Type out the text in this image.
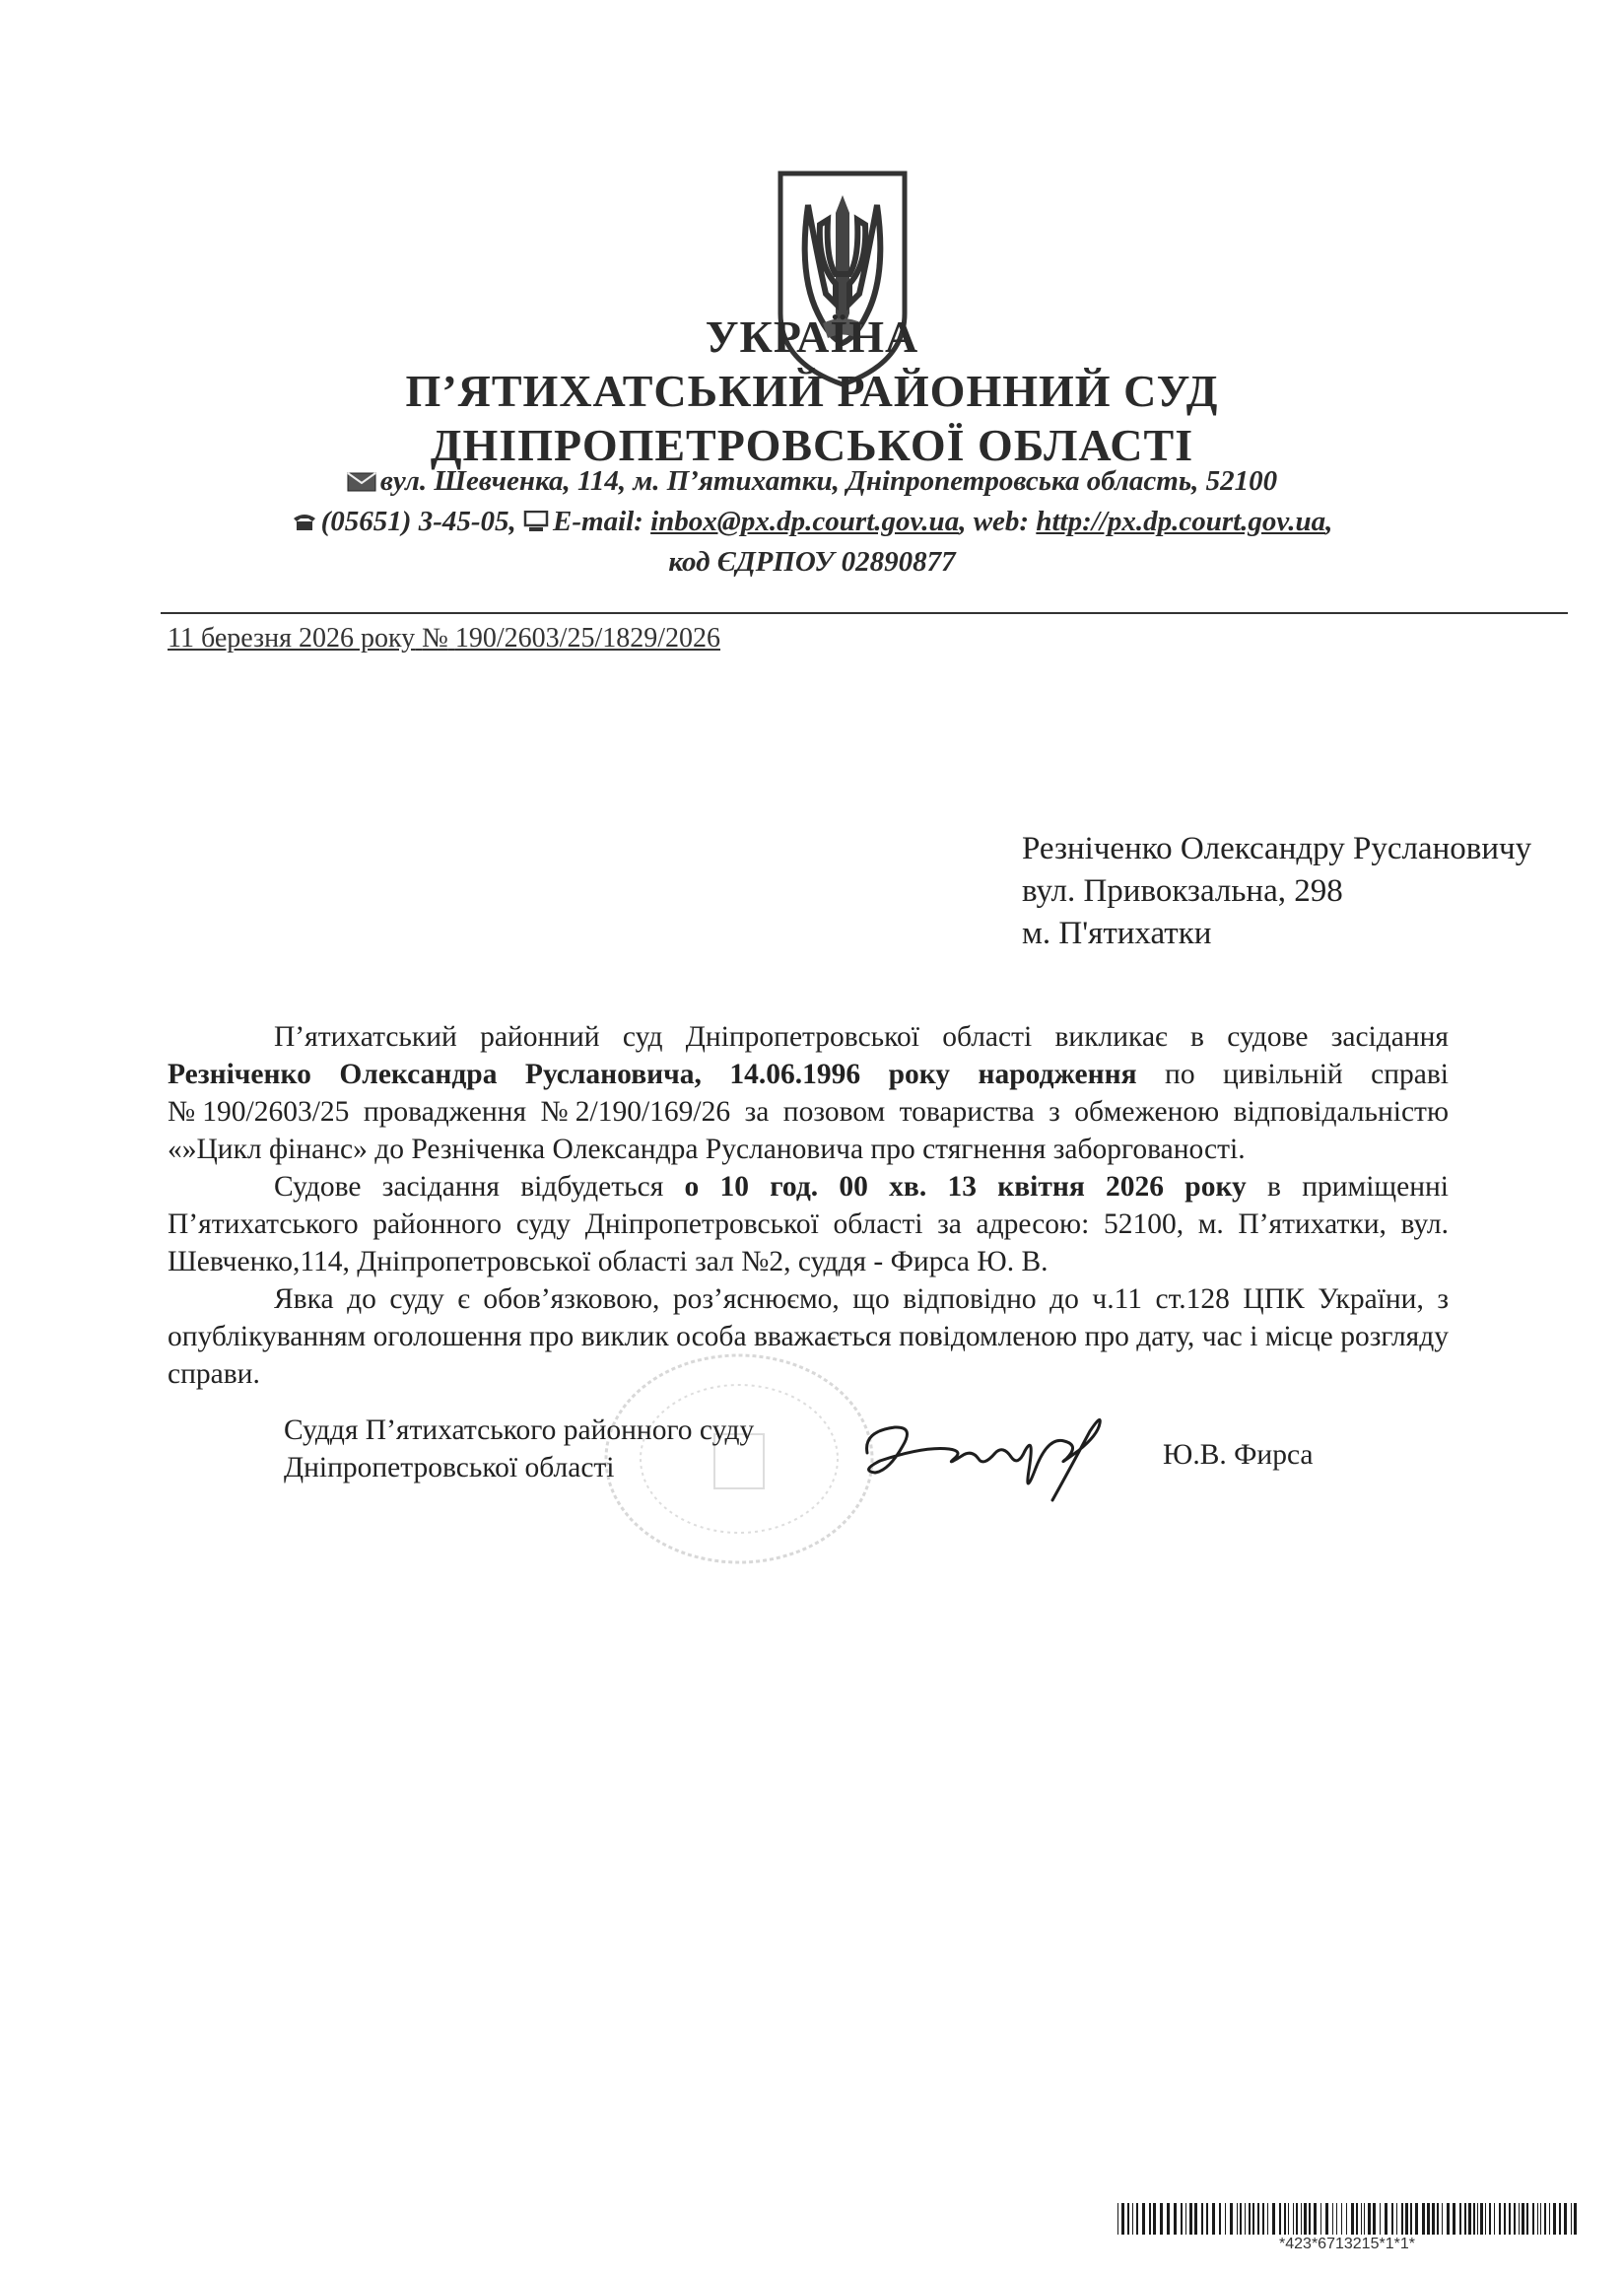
УКРАЇНА
П’ЯТИХАТСЬКИЙ РАЙОННИЙ СУД
ДНІПРОПЕТРОВСЬКОЇ ОБЛАСТІ
вул. Шевченка, 114, м. П’ятихатки, Дніпропетровська область, 52100
(05651) 3-45-05, E-mail: inbox@px.dp.court.gov.ua, web: http://px.dp.court.gov.ua,
код ЄДРПОУ 02890877
11 березня 2026 року № 190/2603/25/1829/2026
Резніченко Олександру Руслановичу
вул. Привокзальна, 298
м. П'ятихатки

П’ятихатський районний суд Дніпропетровської області викликає в судове засідання Резніченко Олександра Руслановича, 14.06.1996 року народження по цивільній справі №190/2603/25 провадження №2/190/169/26 за позовом товариства з обмеженою відповідальністю «»Цикл фінанс» до Резніченка Олександра Руслановича про стягнення заборгованості.

Судове засідання відбудеться о 10 год. 00 хв. 13 квітня 2026 року в приміщенні П’ятихатського районного суду Дніпропетровської області за адресою: 52100, м. П’ятихатки, вул. Шевченко,114, Дніпропетровської області зал №2, суддя - Фирса Ю. В.

Явка до суду є обов’язковою, роз’яснюємо, що відповідно до ч.11 ст.128 ЦПК України, з опублікуванням оголошення про виклик особа вважається повідомленою про дату, час і місце розгляду справи.

Суддя П’ятихатського районного суду
Дніпропетровської області	Ю.В. Фирса
*423*6713215*1*1*
